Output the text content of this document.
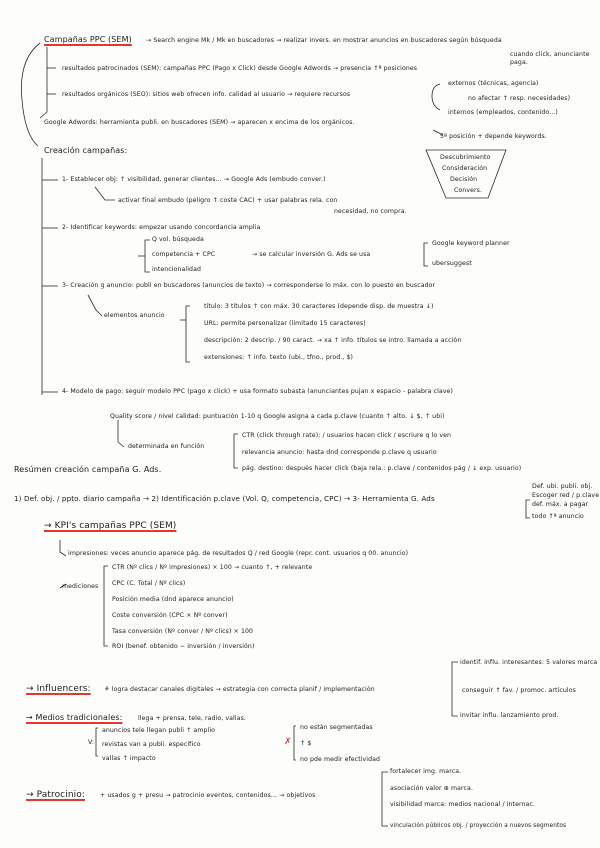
Campañas PPC (SEM) → Search engine Mk / Mk en buscadores → realizar invers. en mostrar anuncios en buscadores según búsqueda
cuando click, anunciante paga.
resultados patrocinados (SEM): campañas PPC (Pago x Click) desde Google Adwords → presencia ↑ª posiciones
externos (técnicas, agencia)
no afectar ↑ resp. necesidades)
internos (empleados, contenido...)
resultados orgánicos (SEO): sitios web ofrecen info. calidad al usuario → requiere recursos
Google Adwords: herramienta publi. en buscadores (SEM) → aparecen x encima de los orgánicos.
5ª posición + depende keywords.
Creación campañas:
Descubrimiento
Consideración
Decisión
Convers.
1- Establecer obj: ↑ visibilidad, generar clientes... → Google Ads (embudo conver.)
activar final embudo (peligro ↑ coste CAC) + usar palabras rela. con
necesidad, no compra.
2- Identificar keywords: empezar usando concordancia amplia
Q vol. búsqueda
competencia + CPC	→ se calcular inversión G. Ads se usa
Google keyword planner
ubersuggest
intencionalidad
3- Creación g anuncio: publi en buscadores (anuncios de texto) → corresponderse lo máx. con lo puesto en buscador
elementos anuncio
título: 3 títulos ↑ con máx. 30 caracteres (depende disp. de muestra ↓)
URL: permite personalizar (limitado 15 caracteres)
descripción: 2 descrip. / 90 caract. → xa ↑ info. títulos se intro. llamada a acción
extensiones: ↑ info. texto (ubi., tfno., prod., $)
4- Modelo de pago: seguir modelo PPC (pago x click) + usa formato subasta (anunciantes pujan x espacio - palabra clave)
Quality score / nivel calidad: puntuación 1-10 q Google asigna a cada p.clave (cuanto ↑ alto, ↓ $, ↑ ubi)
determinada en función
CTR (click through rate): / usuarios hacen click / escriure q lo ven
relevancia anuncio: hasta dnd corresponde p.clave ɋ usuario
pág. destino: después hacer click (baja rela.: p.clave / contenidos pág / ↓ exp. usuario)
Resúmen creación campaña G. Ads.
1) Def. obj. / ppto. diario campaña → 2) Identificación p.clave (Vol. Q, competencia, CPC) → 3- Herramienta G. Ads
Def. ubi. publi. obj.
Escoger red / p.clave
def. máx. a pagar
todo ↑ª anuncio
→ KPI's campañas PPC (SEM)
impresiones: veces anuncio aparece pág. de resultados Q / red Google (repr. cont. usuarios q 00. anuncio)
mediciones
CTR (Nº clics / Nº impresiones) × 100 → cuanto ↑, + relevante
CPC (C. Total / Nº clics)
Posición media (dnd aparece anuncio)
Coste conversión (CPC × Nº conver)
Tasa conversión (Nº conver / Nº clics) × 100
ROI (benef. obtenido − inversión / inversión)
→ Influencers: ⚘ logra destacar canales digitales → estrategia con correcta planif / implementación
identif. influ. interesantes: 5 valores marca
conseguir ↑ fav. / promoc. artículos
invitar influ. lanzamiento prod.
→ Medios tradicionales:	llega + prensa, tele, radio, vallas.
V:
anuncios tele llegan publi ↑ amplio
revistas van a publi. específico
vallas ↑ impacto
✗
no están segmentadas
↑ $
no pde medir efectividad
→ Patrocinio: + usados g + presu → patrocinio eventos, contenidos... → objetivos
fortalecer img. marca.
asociación valor ⊕ marca.
visibilidad marca: medios nacional / internac.
vinculación públicos obj. / proyección a nuevos segmentos
